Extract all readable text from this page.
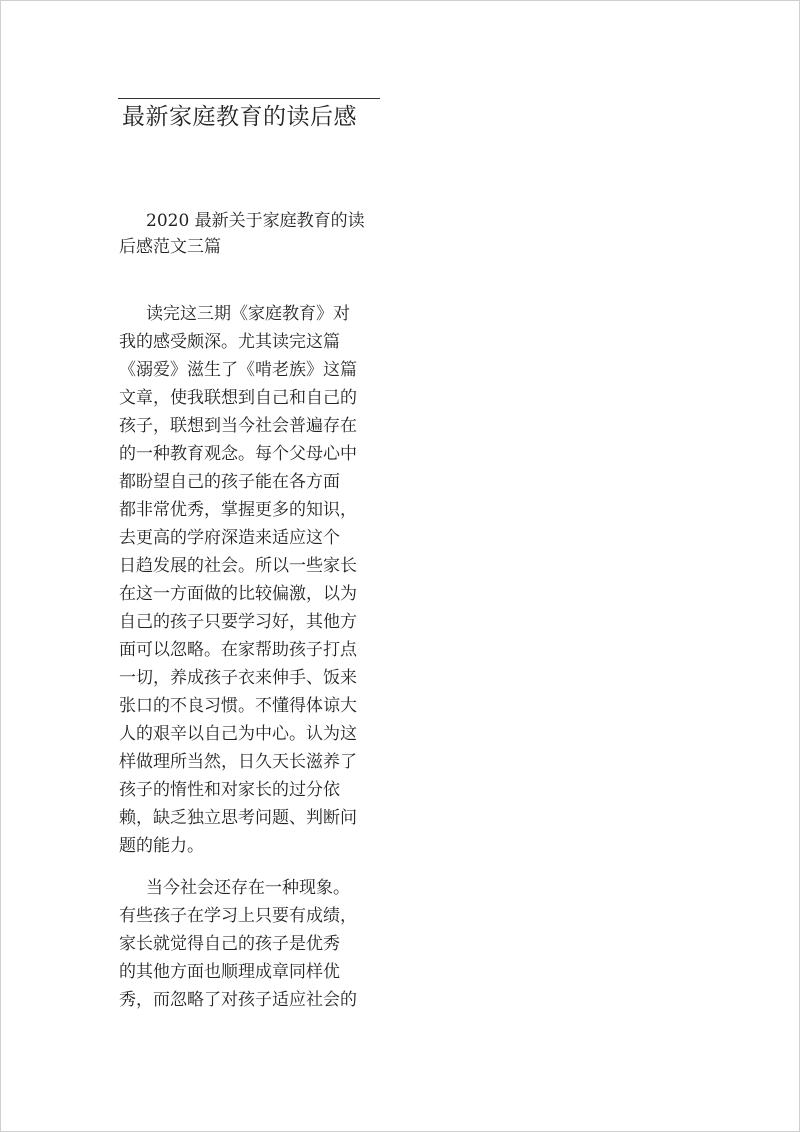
最新家庭教育的读后感
2020 最新关于家庭教育的读
后感范文三篇

读完这三期《家庭教育》对
我的感受颇深。尤其读完这篇
《溺爱》滋生了《啃老族》这篇
文章，使我联想到自己和自己的
孩子，联想到当今社会普遍存在
的一种教育观念。每个父母心中
都盼望自己的孩子能在各方面
都非常优秀，掌握更多的知识，
去更高的学府深造来适应这个
日趋发展的社会。所以一些家长
在这一方面做的比较偏激，以为
自己的孩子只要学习好，其他方
面可以忽略。在家帮助孩子打点
一切，养成孩子衣来伸手、饭来
张口的不良习惯。不懂得体谅大
人的艰辛以自己为中心。认为这
样做理所当然，日久天长滋养了
孩子的惰性和对家长的过分依
赖，缺乏独立思考问题、判断问
题的能力。

当今社会还存在一种现象。
有些孩子在学习上只要有成绩，
家长就觉得自己的孩子是优秀
的其他方面也顺理成章同样优
秀，而忽略了对孩子适应社会的
